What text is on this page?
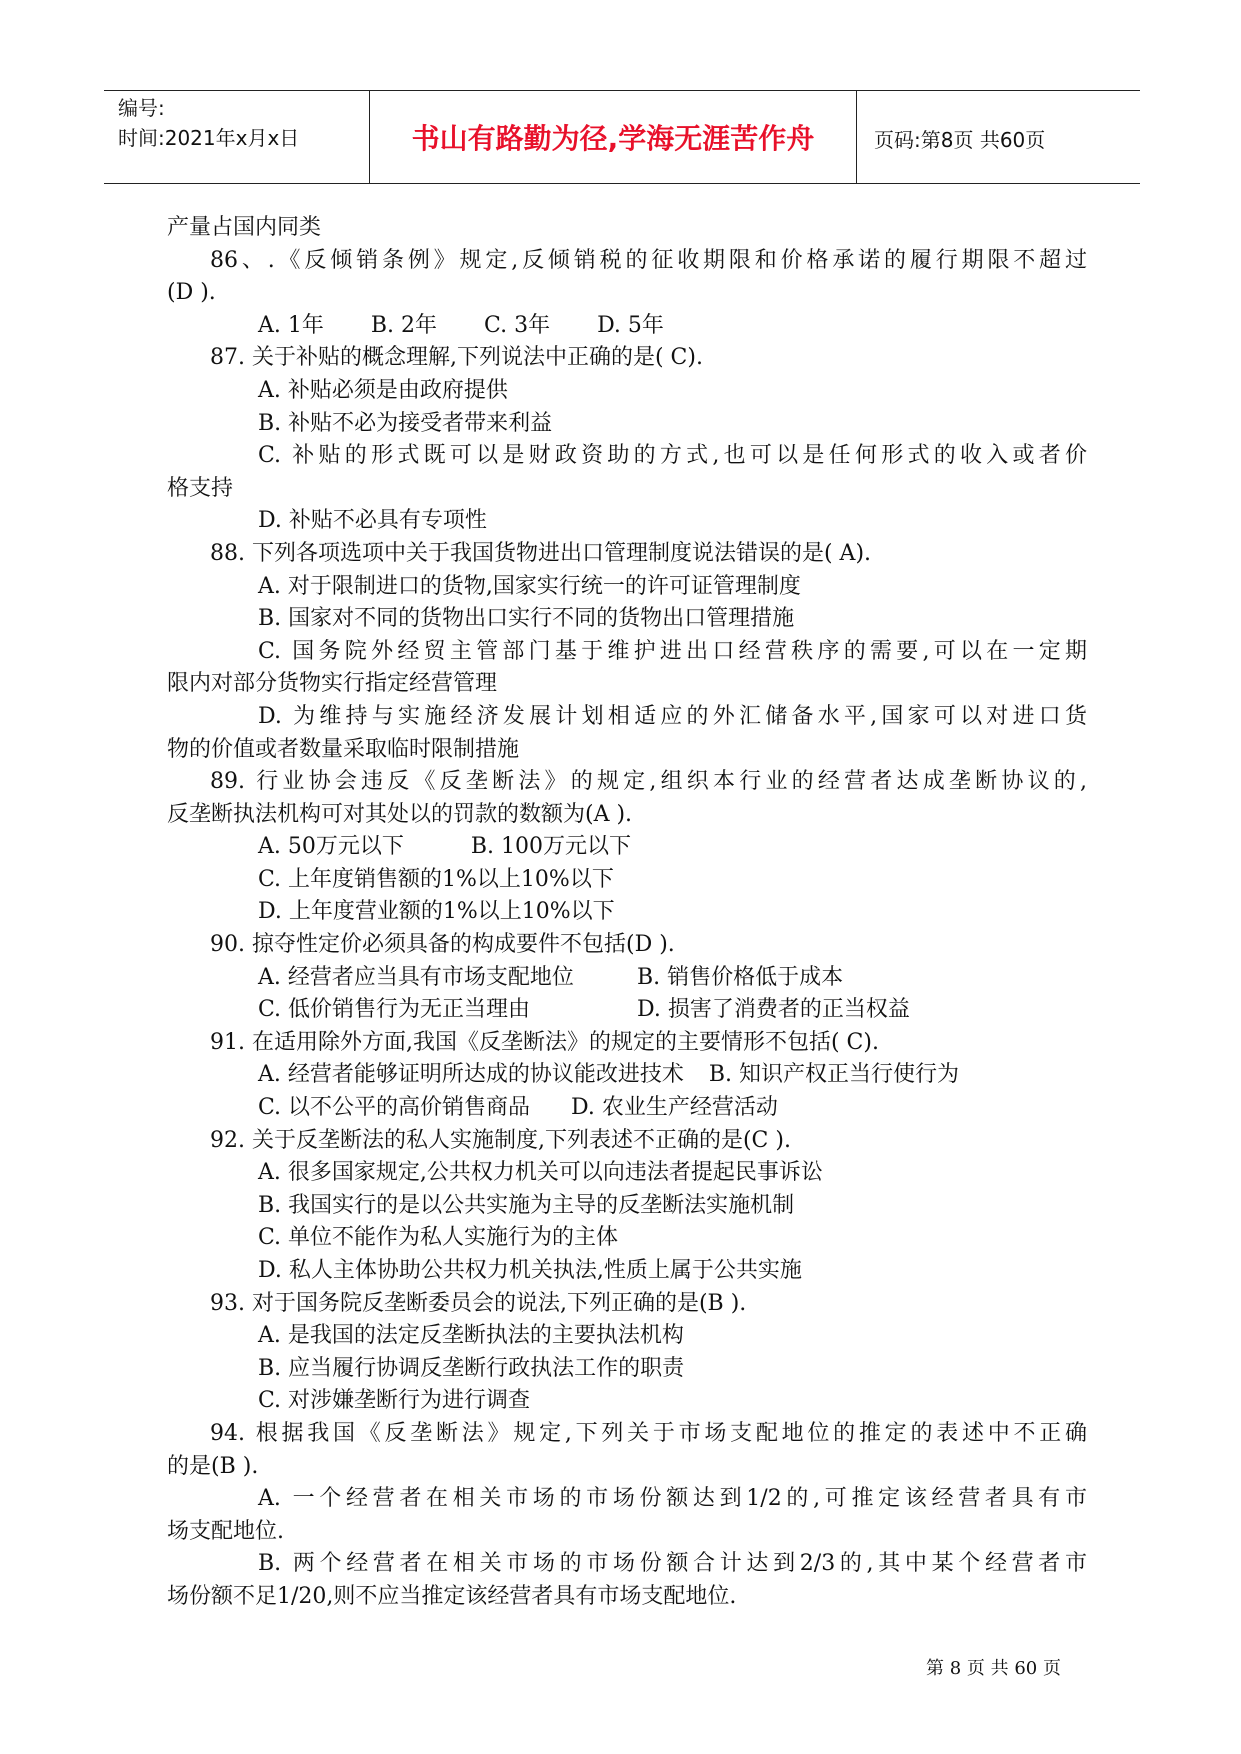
编号:
时间:2021年x月x日	书山有路勤为径,学海无涯苦作舟	页码:第8页 共60页
产量占国内同类
86、.《反倾销条例》规定,反倾销税的征收期限和价格承诺的履行期限不超过
(D ).
A. 1年 B. 2年 C. 3年 D. 5年
87. 关于补贴的概念理解,下列说法中正确的是( C).
A. 补贴必须是由政府提供
B. 补贴不必为接受者带来利益
C. 补贴的形式既可以是财政资助的方式,也可以是任何形式的收入或者价
格支持
D. 补贴不必具有专项性
88. 下列各项选项中关于我国货物进出口管理制度说法错误的是( A).
A. 对于限制进口的货物,国家实行统一的许可证管理制度
B. 国家对不同的货物出口实行不同的货物出口管理措施
C. 国务院外经贸主管部门基于维护进出口经营秩序的需要,可以在一定期
限内对部分货物实行指定经营管理
D. 为维持与实施经济发展计划相适应的外汇储备水平,国家可以对进口货
物的价值或者数量采取临时限制措施
89. 行业协会违反《反垄断法》的规定,组织本行业的经营者达成垄断协议的,
反垄断执法机构可对其处以的罚款的数额为(A ).
A. 50万元以下	B. 100万元以下
C. 上年度销售额的1%以上10%以下
D. 上年度营业额的1%以上10%以下
90. 掠夺性定价必须具备的构成要件不包括(D ).
A. 经营者应当具有市场支配地位	B. 销售价格低于成本
C. 低价销售行为无正当理由	D. 损害了消费者的正当权益
91. 在适用除外方面,我国《反垄断法》的规定的主要情形不包括( C).
A. 经营者能够证明所达成的协议能改进技术 B. 知识产权正当行使行为
C. 以不公平的高价销售商品 D. 农业生产经营活动
92. 关于反垄断法的私人实施制度,下列表述不正确的是(C ).
A. 很多国家规定,公共权力机关可以向违法者提起民事诉讼
B. 我国实行的是以公共实施为主导的反垄断法实施机制
C. 单位不能作为私人实施行为的主体
D. 私人主体协助公共权力机关执法,性质上属于公共实施
93. 对于国务院反垄断委员会的说法,下列正确的是(B ).
A. 是我国的法定反垄断执法的主要执法机构
B. 应当履行协调反垄断行政执法工作的职责
C. 对涉嫌垄断行为进行调查
94. 根据我国《反垄断法》规定,下列关于市场支配地位的推定的表述中不正确
的是(B ).
A. 一个经营者在相关市场的市场份额达到1/2的,可推定该经营者具有市
场支配地位.
B. 两个经营者在相关市场的市场份额合计达到2/3的,其中某个经营者市
场份额不足1/20,则不应当推定该经营者具有市场支配地位.
第 8 页 共 60 页
